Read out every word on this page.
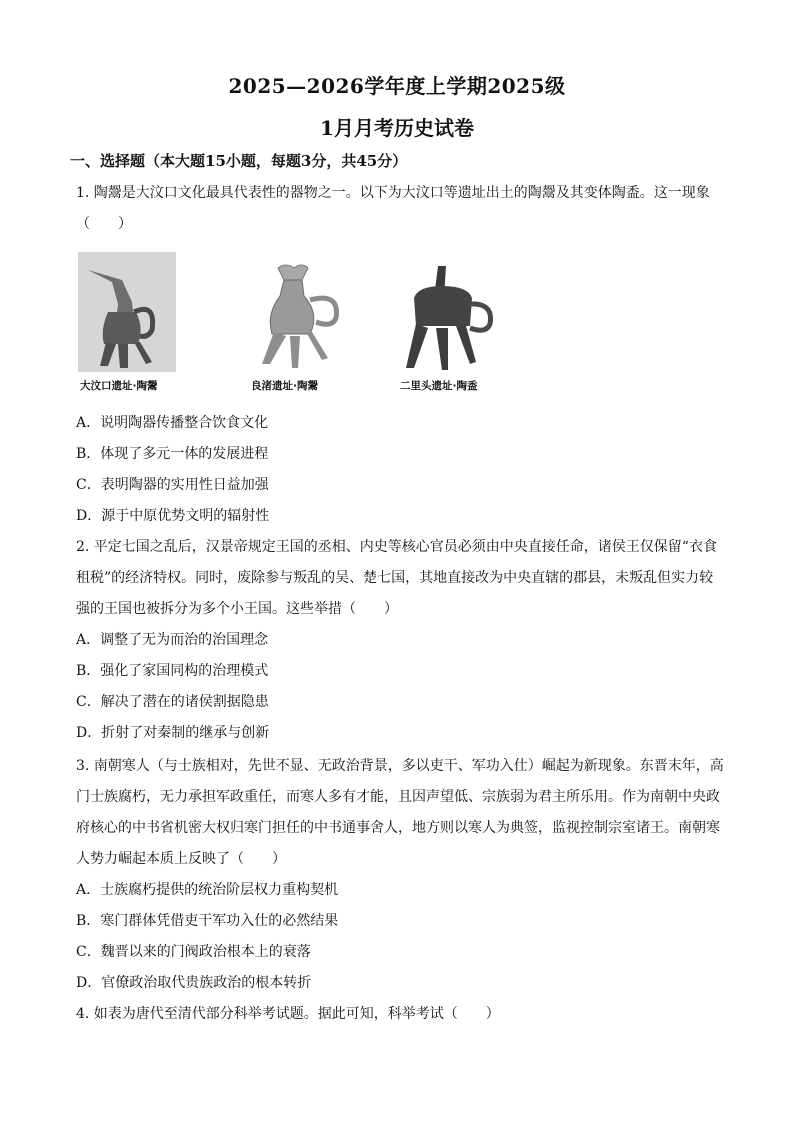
2025—2026学年度上学期2025级
1月月考历史试卷
一、选择题（本大题15小题，每题3分，共45分）
1. 陶鬶是大汶口文化最具代表性的器物之一。以下为大汶口等遗址出土的陶鬶及其变体陶盉。这一现象
（　　）
大汶口遗址·陶鬶	良渚遗址·陶鬶	二里头遗址·陶盉
A．说明陶器传播整合饮食文化
B．体现了多元一体的发展进程
C．表明陶器的实用性日益加强
D．源于中原优势文明的辐射性
2. 平定七国之乱后，汉景帝规定王国的丞相、内史等核心官员必须由中央直接任命，诸侯王仅保留“衣食
租税”的经济特权。同时，废除参与叛乱的吴、楚七国，其地直接改为中央直辖的郡县，未叛乱但实力较
强的王国也被拆分为多个小王国。这些举措（　　）
A．调整了无为而治的治国理念
B．强化了家国同构的治理模式
C．解决了潜在的诸侯割据隐患
D．折射了对秦制的继承与创新
3. 南朝寒人（与士族相对，先世不显、无政治背景，多以吏干、军功入仕）崛起为新现象。东晋末年，高
门士族腐朽，无力承担军政重任，而寒人多有才能，且因声望低、宗族弱为君主所乐用。作为南朝中央政
府核心的中书省机密大权归寒门担任的中书通事舍人，地方则以寒人为典签，监视控制宗室诸王。南朝寒
人势力崛起本质上反映了（　　）
A．士族腐朽提供的统治阶层权力重构契机
B．寒门群体凭借吏干军功入仕的必然结果
C．魏晋以来的门阀政治根本上的衰落
D．官僚政治取代贵族政治的根本转折
4. 如表为唐代至清代部分科举考试题。据此可知，科举考试（　　）
